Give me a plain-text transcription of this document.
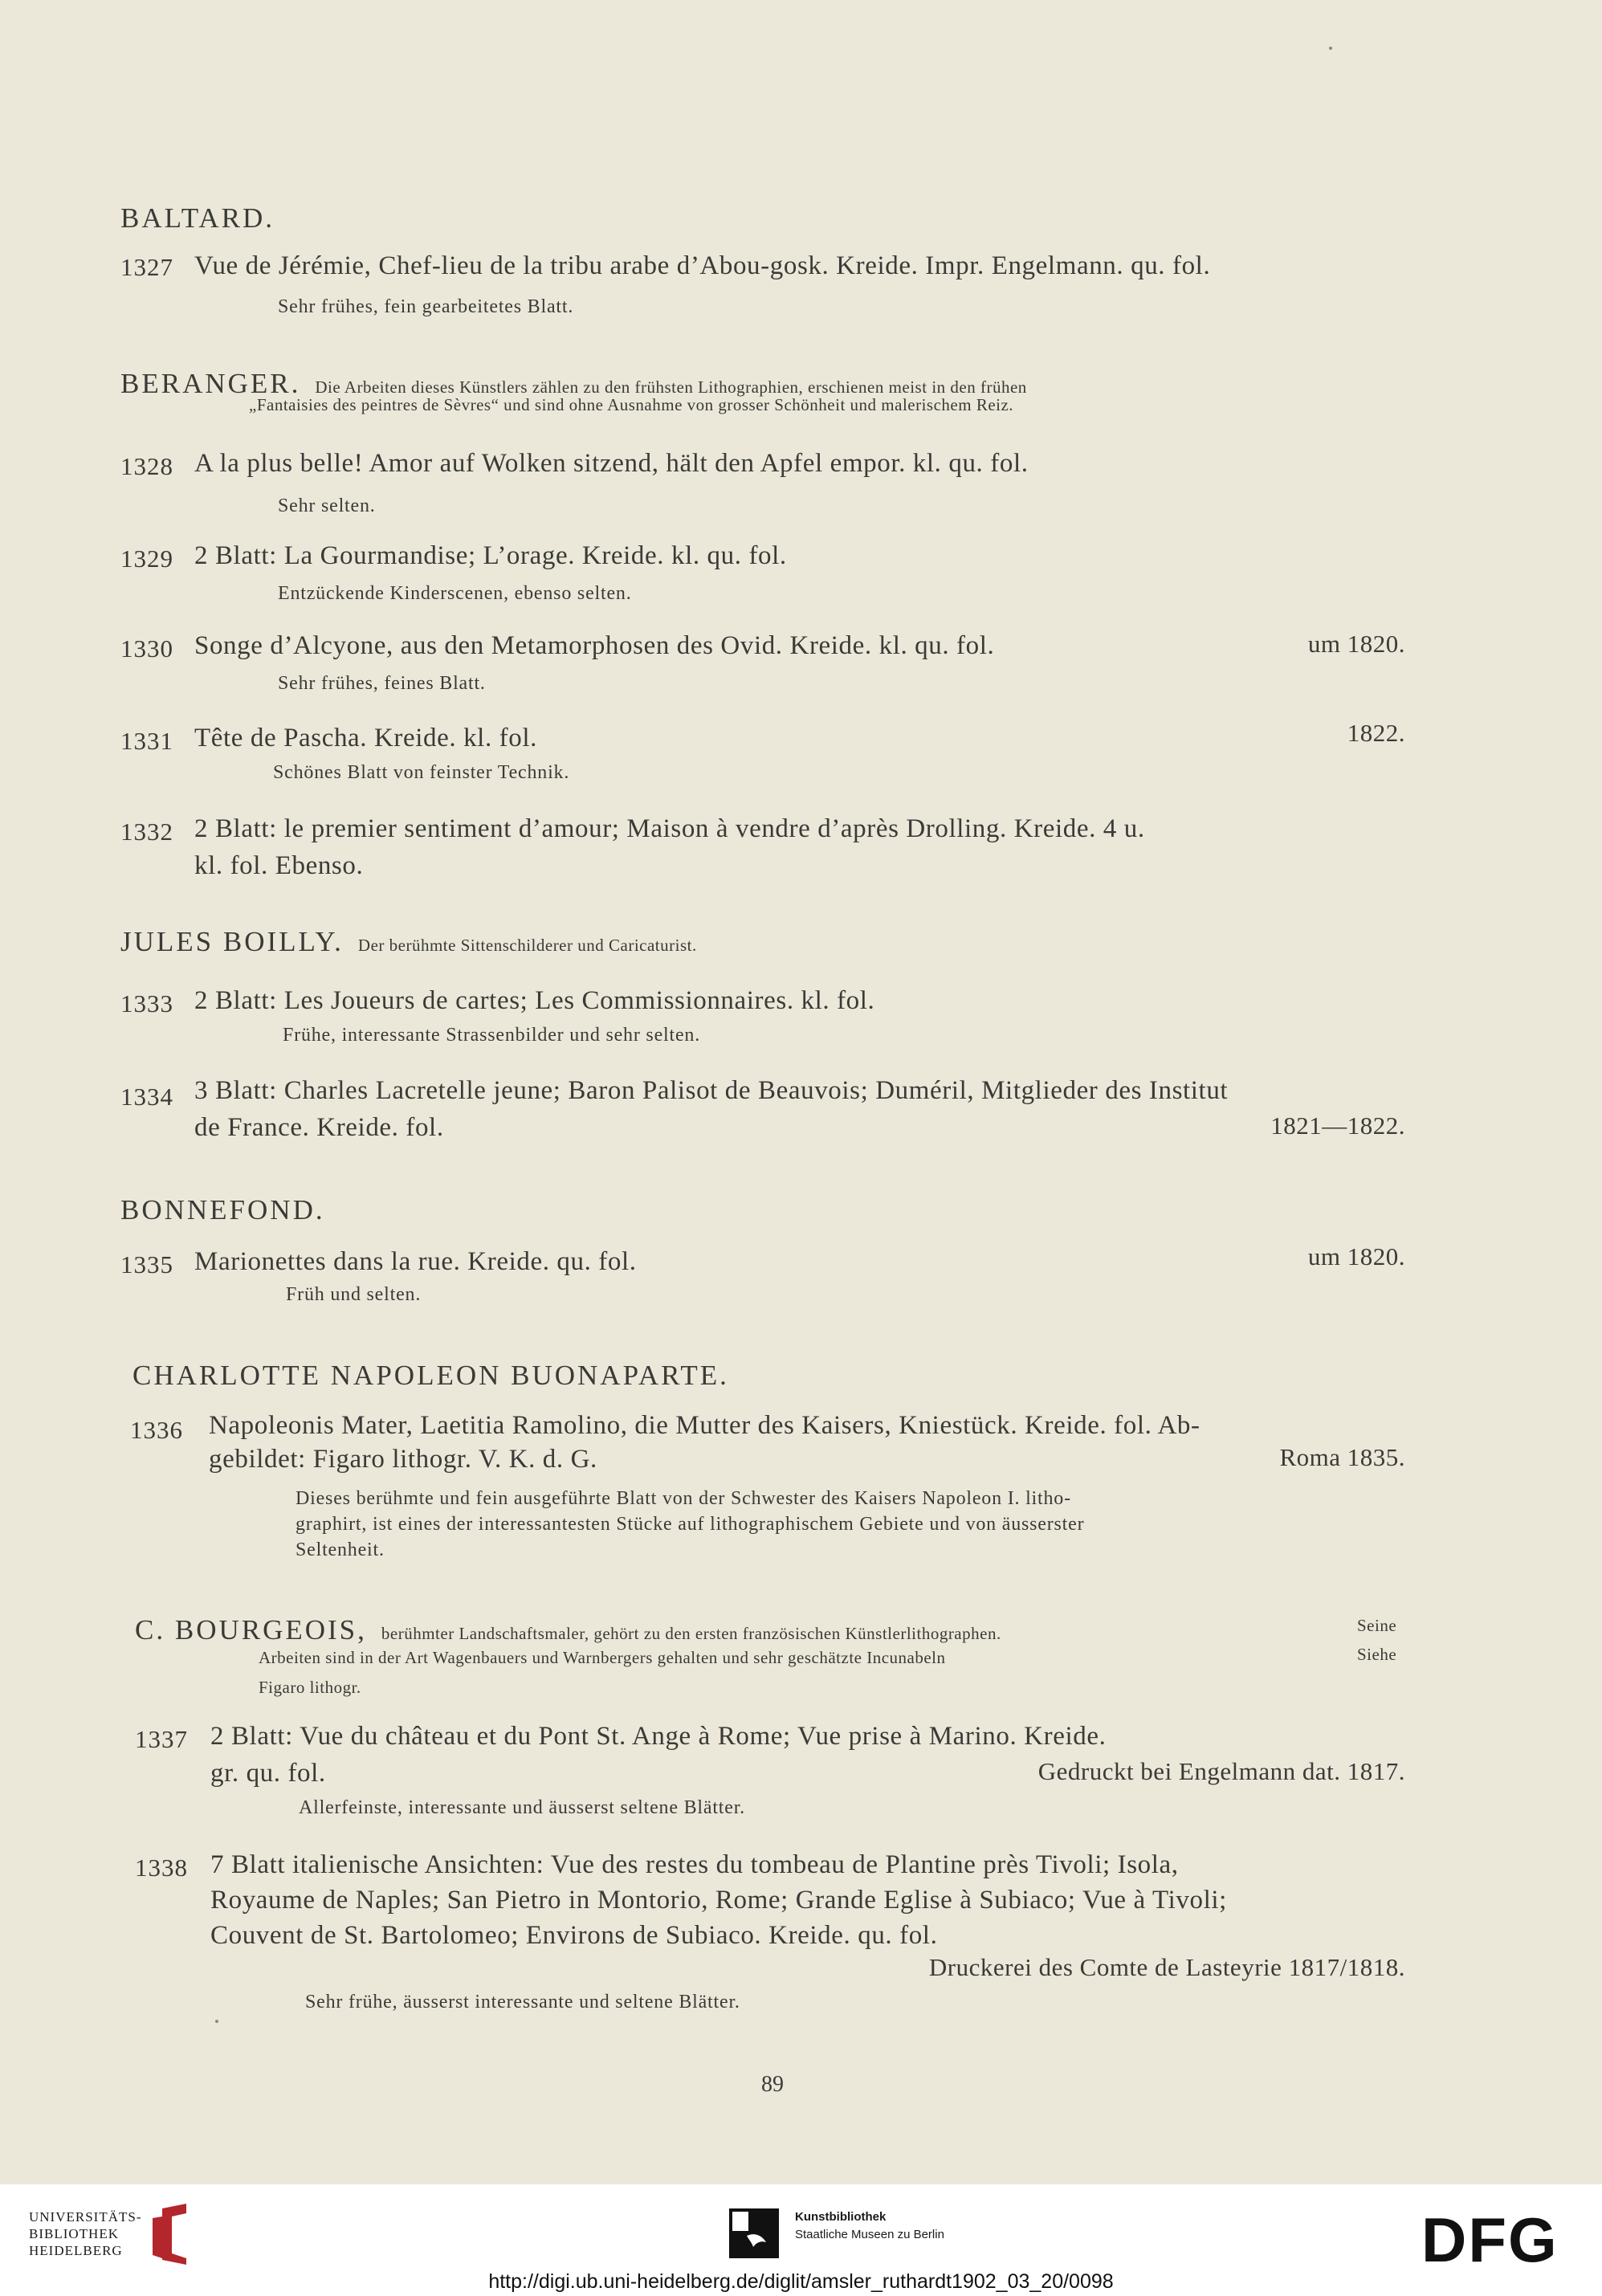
BALTARD.
1327 Vue de Jérémie, Chef-lieu de la tribu arabe d’Abou-gosk. Kreide. Impr. Engelmann. qu. fol.
Sehr frühes, fein gearbeitetes Blatt.
BERANGER. Die Arbeiten dieses Künstlers zählen zu den frühsten Lithographien, erschienen meist in den frühen
„Fantaisies des peintres de Sèvres“ und sind ohne Ausnahme von grosser Schönheit und malerischem Reiz.
1328 A la plus belle! Amor auf Wolken sitzend, hält den Apfel empor. kl. qu. fol.
Sehr selten.
1329 2 Blatt: La Gourmandise; L’orage. Kreide. kl. qu. fol.
Entzückende Kinderscenen, ebenso selten.
1330 Songe d’Alcyone, aus den Metamorphosen des Ovid. Kreide. kl. qu. fol.	um 1820.
Sehr frühes, feines Blatt.
1331 Tête de Pascha. Kreide. kl. fol.	1822.
Schönes Blatt von feinster Technik.
1332 2 Blatt: le premier sentiment d’amour; Maison à vendre d’après Drolling. Kreide. 4 u.
kl. fol. Ebenso.
JULES BOILLY. Der berühmte Sittenschilderer und Caricaturist.
1333 2 Blatt: Les Joueurs de cartes; Les Commissionnaires. kl. fol.
Frühe, interessante Strassenbilder und sehr selten.
1334 3 Blatt: Charles Lacretelle jeune; Baron Palisot de Beauvois; Duméril, Mitglieder des Institut
de France. Kreide. fol.	1821—1822.
BONNEFOND.
1335 Marionettes dans la rue. Kreide. qu. fol.	um 1820.
Früh und selten.
CHARLOTTE NAPOLEON BUONAPARTE.
1336 Napoleonis Mater, Laetitia Ramolino, die Mutter des Kaisers, Kniestück. Kreide. fol. Ab-
gebildet: Figaro lithogr. V. K. d. G.	Roma 1835.
Dieses berühmte und fein ausgeführte Blatt von der Schwester des Kaisers Napoleon I. litho-
graphirt, ist eines der interessantesten Stücke auf lithographischem Gebiete und von äusserster
Seltenheit.
C. BOURGEOIS, berühmter Landschaftsmaler, gehört zu den ersten französischen Künstlerlithographen.	Seine
Arbeiten sind in der Art Wagenbauers und Warnbergers gehalten und sehr geschätzte Incunabeln	Siehe
Figaro lithogr.
1337 2 Blatt: Vue du château et du Pont St. Ange à Rome; Vue prise à Marino. Kreide.
gr. qu. fol.	Gedruckt bei Engelmann dat. 1817.
Allerfeinste, interessante und äusserst seltene Blätter.
1338 7 Blatt italienische Ansichten: Vue des restes du tombeau de Plantine près Tivoli; Isola,
Royaume de Naples; San Pietro in Montorio, Rome; Grande Eglise à Subiaco; Vue à Tivoli;
Couvent de St. Bartolomeo; Environs de Subiaco. Kreide. qu. fol.
Druckerei des Comte de Lasteyrie 1817/1818.
Sehr frühe, äusserst interessante und seltene Blätter.
89
UNIVERSITÄTS-
BIBLIOTHEK
HEIDELBERG
Kunstbibliothek
Staatliche Museen zu Berlin	DFG
http://digi.ub.uni-heidelberg.de/diglit/amsler_ruthardt1902_03_20/0098
